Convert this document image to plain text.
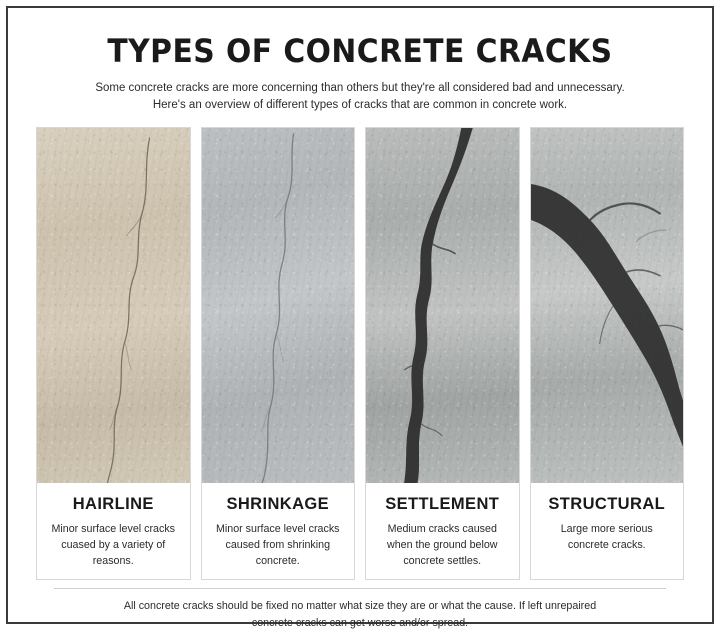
TYPES OF CONCRETE CRACKS
Some concrete cracks are more concerning than others but they're all considered bad and unnecessary.
Here's an overview of different types of cracks that are common in concrete work.
HAIRLINE
Minor surface level cracks cuased by a variety of reasons.
SHRINKAGE
Minor surface level cracks caused from shrinking concrete.
SETTLEMENT
Medium cracks caused when the ground below concrete settles.
STRUCTURAL
Large more serious concrete cracks.
All concrete cracks should be fixed no matter what size they are or what the cause. If left unrepaired
concrete cracks can get worse and/or spread.
